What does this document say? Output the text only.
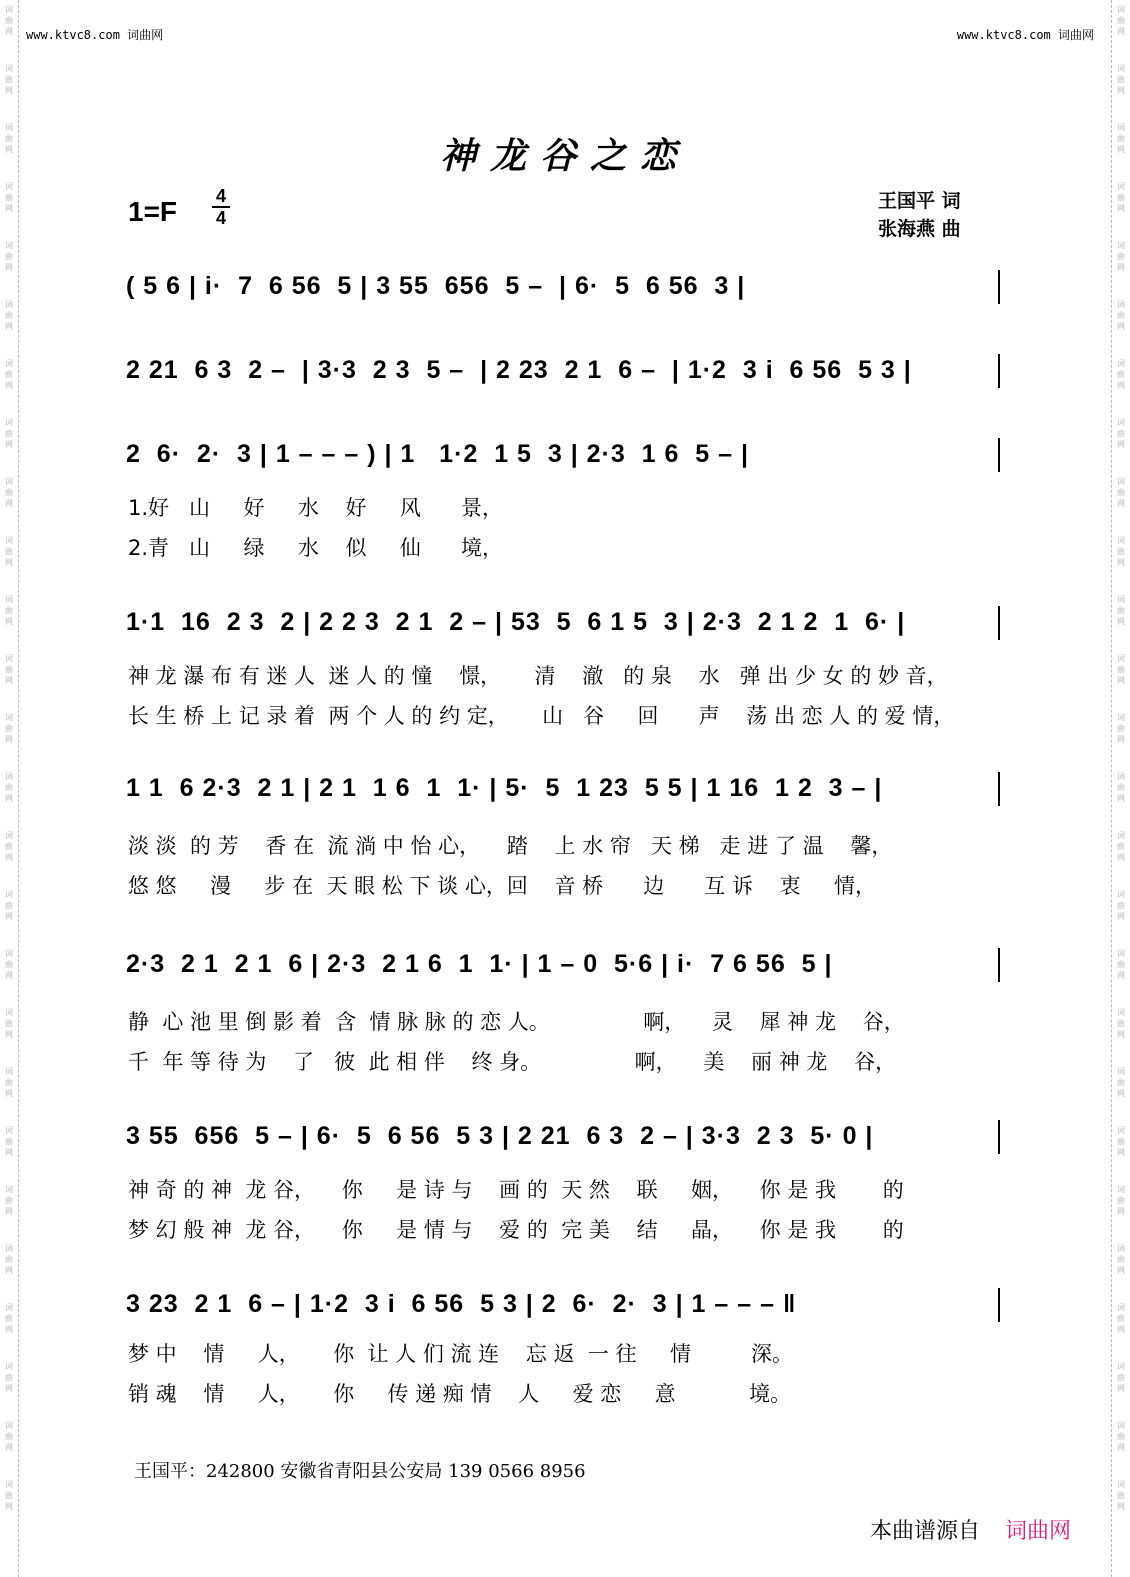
词
曲
网
词
曲
网
词
曲
网
词
曲
网
词
曲
网
词
曲
网
词
曲
网
词
曲
网
词
曲
网
词
曲
网
词
曲
网
词
曲
网
词
曲
网
词
曲
网
词
曲
网
词
曲
网
词
曲
网
词
曲
网
词
曲
网
词
曲
网
词
曲
网
词
曲
网
词
曲
网
词
曲
网
词
曲
网
词
曲
网
词
曲
网
词
曲
网
词
曲
网
词
曲
网
词
曲
网
词
曲
网
词
曲
网
词
曲
网
词
曲
网
词
曲
网
词
曲
网
词
曲
网
词
曲
网
词
曲
网
词
曲
网
词
曲
网
词
曲
网
词
曲
网
词
曲
网
词
曲
网
词
曲
网
词
曲
网
词
曲
网
词
曲
网
词
曲
网
词
曲
网
www.ktvc8.com 词曲网	www.ktvc8.com 词曲网
神龙谷之恋
1=F 4
4
王国平 词
张海燕 曲
( 5 6 | i·  7  6 56  5 | 3 55  656  5 –  | 6·  5  6 56  3 |
2 21  6 3  2 –  | 3·3  2 3  5 –  | 2 23  2 1  6 –  | 1·2  3 i  6 56  5 3 |
2  6·  2·  3 | 1 – – – ) | 1   1·2  1 5  3 | 2·3  1 6  5 – |
1.好   山     好     水    好     风      景，
2.青   山     绿     水    似     仙      境，
1·1  16  2 3  2 | 2 2 3  2 1  2 – | 53  5  6 1 5  3 | 2·3  2 1 2  1  6· |
神 龙 瀑 布 有 迷 人  迷 人 的 憧    憬，     清    澈   的 泉    水   弹 出 少 女 的 妙 音，
长 生 桥 上 记 录 着  两 个 人 的 约 定，     山   谷     回      声    荡 出 恋 人 的 爱 情，
1 1  6 2·3  2 1 | 2 1  1 6  1  1· | 5·  5  1 23  5 5 | 1 16  1 2  3 – |
淡 淡  的 芳    香 在  流 淌 中 怡 心，    踏    上 水 帘   天 梯   走 进 了 温    馨，
悠 悠     漫     步 在  天 眼 松 下 谈 心，回    音 桥      边      互 诉    衷     情，
2·3  2 1  2 1  6 | 2·3  2 1 6  1  1· | 1 – 0  5·6 | i·  7 6 56  5 |
静  心 池 里 倒 影 着  含  情 脉 脉 的 恋 人。              啊，    灵    犀 神 龙    谷，
千  年 等 待 为    了   彼  此 相 伴    终 身。              啊，    美    丽 神 龙    谷，
3 55  656  5 – | 6·  5  6 56  5 3 | 2 21  6 3  2 – | 3·3  2 3  5· 0 |
神 奇 的 神  龙 谷，    你     是 诗 与    画 的  天 然    联     姻，    你 是 我       的
梦 幻 般 神  龙 谷，    你     是 情 与    爱 的  完 美    结     晶，    你 是 我       的
3 23  2 1  6 – | 1·2  3 i  6 56  5 3 | 2  6·  2·  3 | 1 – – – ‖
梦 中    情     人，     你  让 人 们 流 连    忘 返  一 往     情         深。
销 魂    情     人，     你     传 递 痴 情    人     爱 恋     意           境。
王国平：242800 安徽省青阳县公安局 139 0566 8956
本曲谱源自 词曲网
